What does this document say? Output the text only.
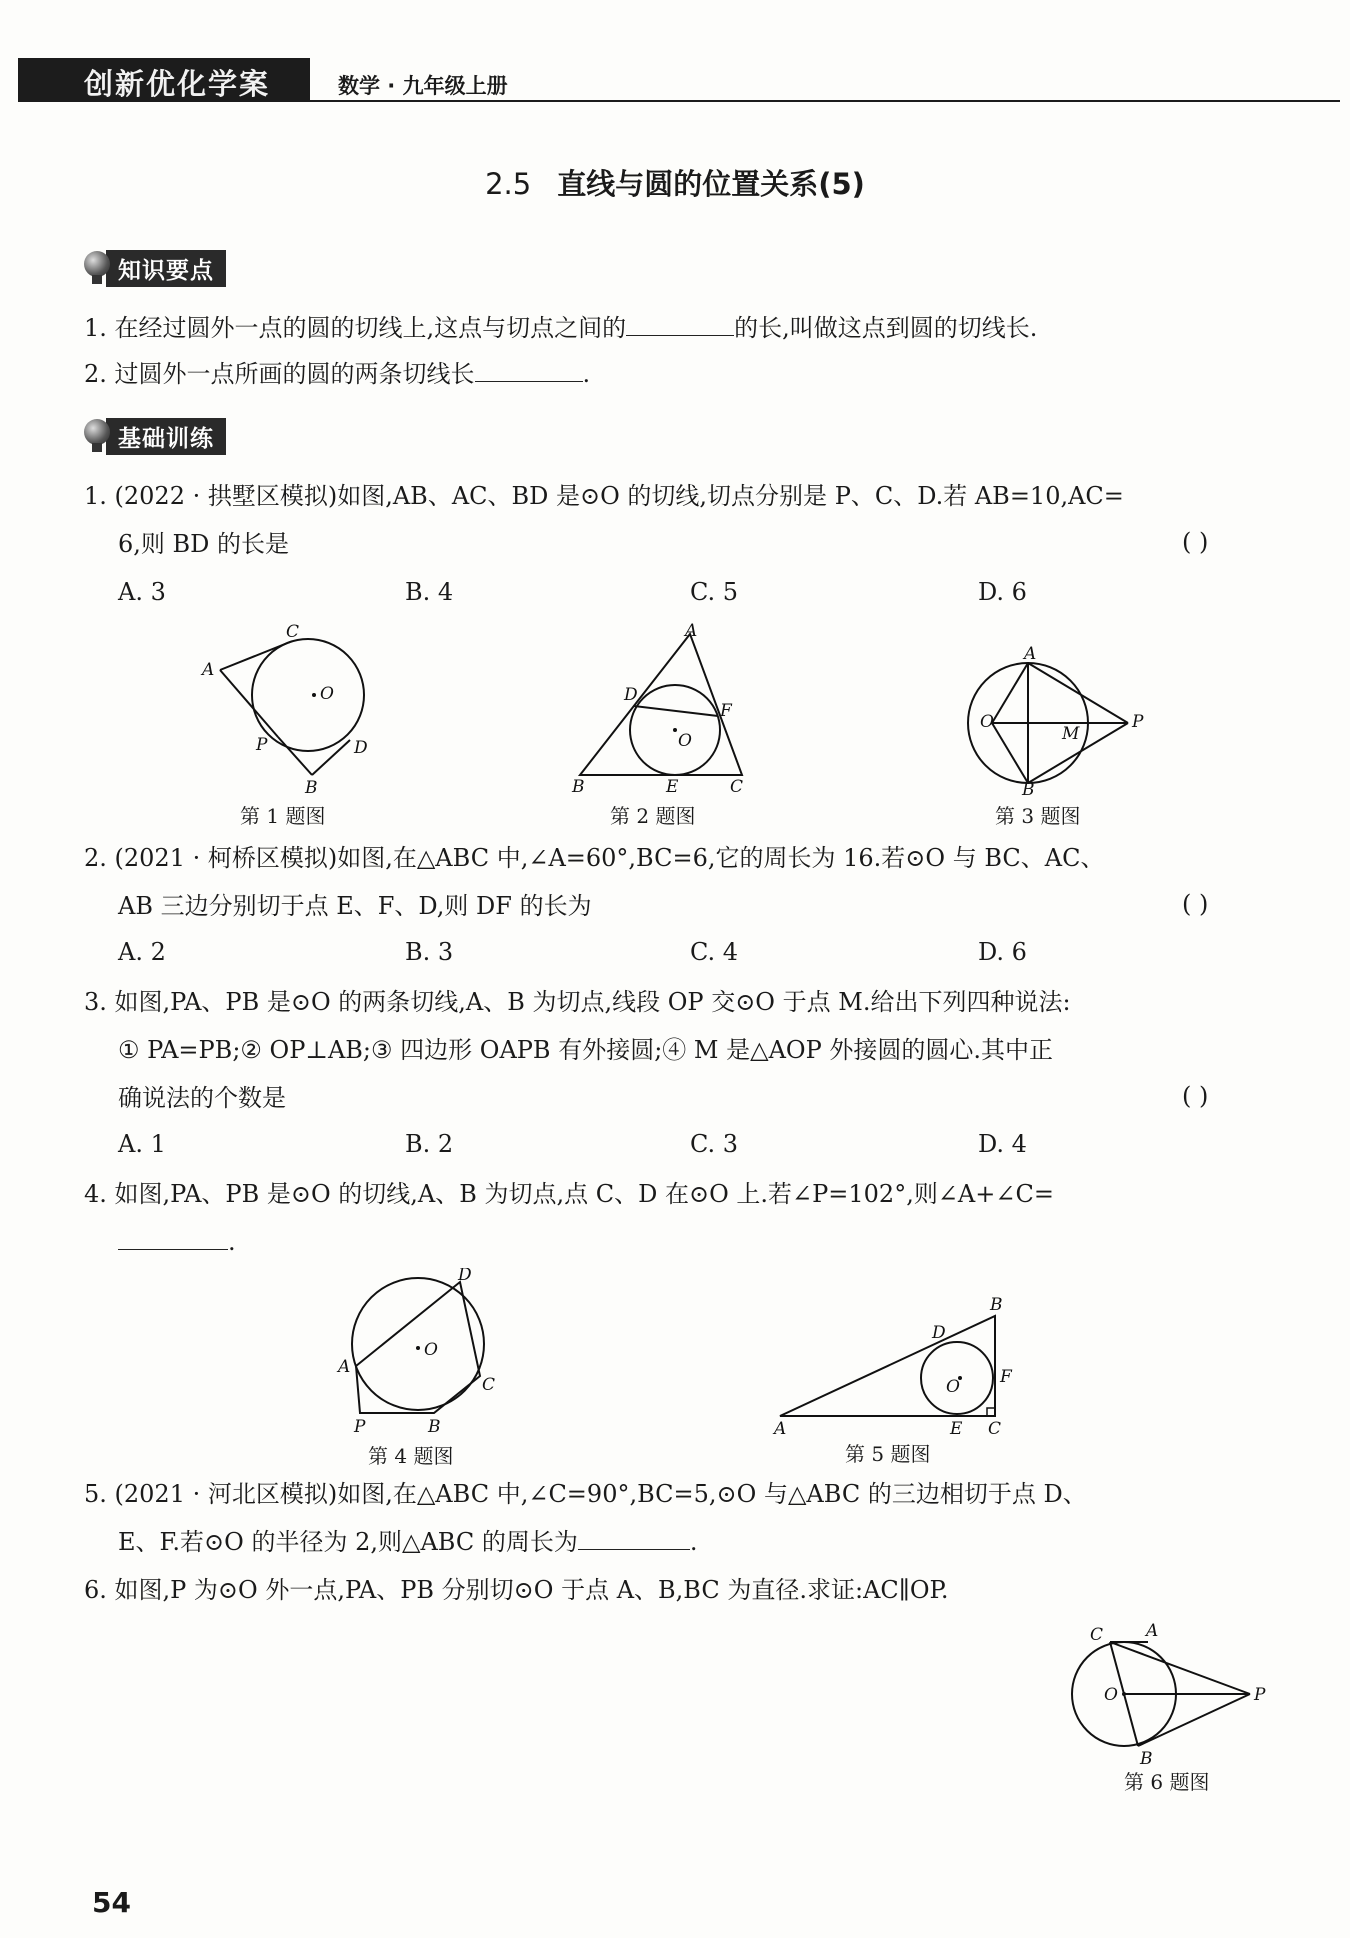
创新优化学案	数学 · 九年级上册
2.5 直线与圆的位置关系(5)
知识要点
1. 在经过圆外一点的圆的切线上,这点与切点之间的	的长,叫做这点到圆的切线长.
2. 过圆外一点所画的圆的两条切线长	.
基础训练
1. (2022 · 拱墅区模拟)如图,AB、AC、BD 是⊙O 的切线,切点分别是 P、C、D.若 AB=10,AC=
6,则 BD 的长是	( )
A. 3	B. 4	C. 5	D. 6
A
C
O
P	D
B
第 1 题图
A
D
F
O
B	E	C
第 2 题图
A
O
M
P
B
第 3 题图
2. (2021 · 柯桥区模拟)如图,在△ABC 中,∠A=60°,BC=6,它的周长为 16.若⊙O 与 BC、AC、
AB 三边分别切于点 E、F、D,则 DF 的长为	( )
A. 2	B. 3	C. 4	D. 6
3. 如图,PA、PB 是⊙O 的两条切线,A、B 为切点,线段 OP 交⊙O 于点 M.给出下列四种说法:
① PA=PB;② OP⊥AB;③ 四边形 OAPB 有外接圆;④ M 是△AOP 外接圆的圆心.其中正
确说法的个数是	( )
A. 1	B. 2	C. 3	D. 4
4. 如图,PA、PB 是⊙O 的切线,A、B 为切点,点 C、D 在⊙O 上.若∠P=102°,则∠A+∠C=
.
D
O
A
C
P	B
第 4 题图
B
D
O F
A	E C
第 5 题图
5. (2021 · 河北区模拟)如图,在△ABC 中,∠C=90°,BC=5,⊙O 与△ABC 的三边相切于点 D、
E、F.若⊙O 的半径为 2,则△ABC 的周长为	.
6. 如图,P 为⊙O 外一点,PA、PB 分别切⊙O 于点 A、B,BC 为直径.求证:AC∥OP.
C	A
O	P
B
第 6 题图
54
